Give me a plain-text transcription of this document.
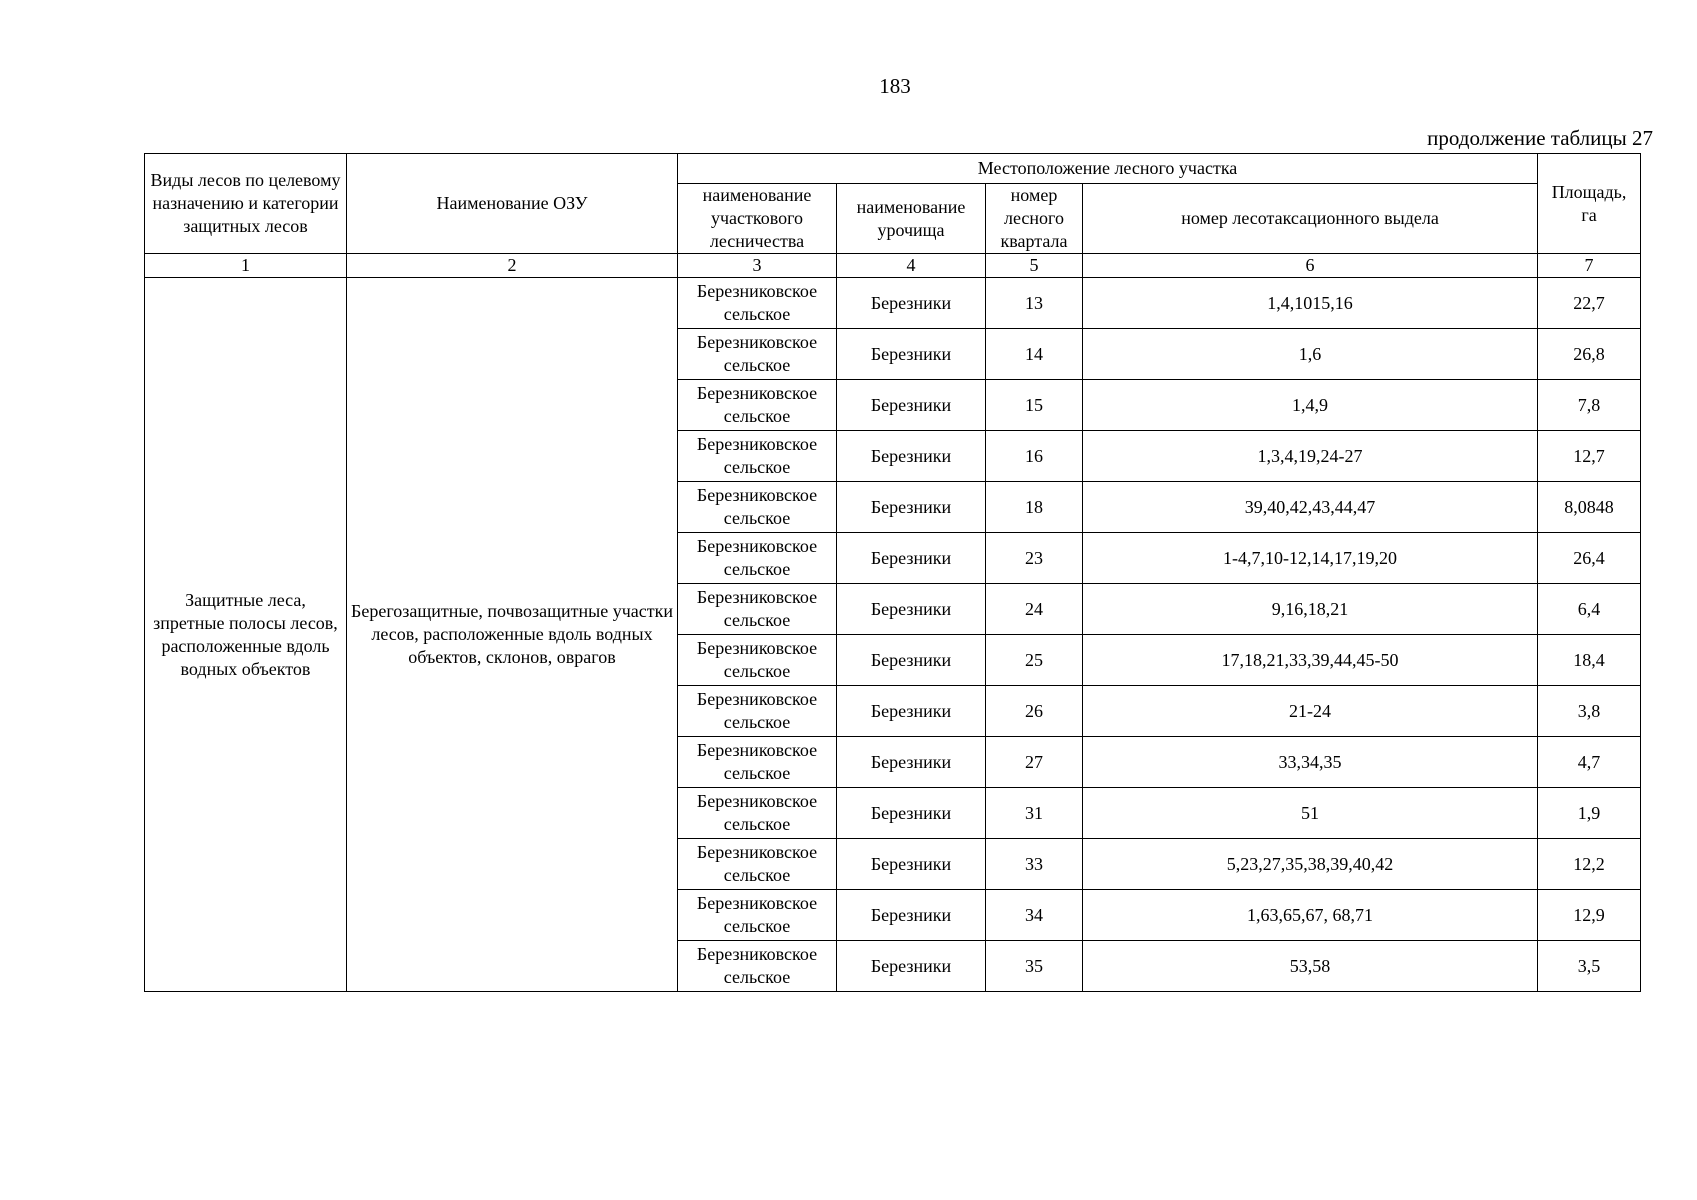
183
продолжение таблицы 27
Виды лесов по целевому назначению и категории защитных лесов	Наименование ОЗУ	Местоположение лесного участка				Площадь, га
		наименование участкового лесничества	наименование урочища	номер лесного квартала	номер лесотаксационного выдела	
1	2	3	4	5	6	7
Защитные леса, зпретные полосы лесов, расположенные вдоль водных объектов	Берегозащитные, почвозащитные участки лесов, расположенные вдоль водных объектов, склонов, оврагов	Березниковское сельское	Березники	13	1,4,1015,16	22,7
		Березниковское сельское	Березники	14	1,6	26,8
		Березниковское сельское	Березники	15	1,4,9	7,8
		Березниковское сельское	Березники	16	1,3,4,19,24-27	12,7
		Березниковское сельское	Березники	18	39,40,42,43,44,47	8,0848
		Березниковское сельское	Березники	23	1-4,7,10-12,14,17,19,20	26,4
		Березниковское сельское	Березники	24	9,16,18,21	6,4
		Березниковское сельское	Березники	25	17,18,21,33,39,44,45-50	18,4
		Березниковское сельское	Березники	26	21-24	3,8
		Березниковское сельское	Березники	27	33,34,35	4,7
		Березниковское сельское	Березники	31	51	1,9
		Березниковское сельское	Березники	33	5,23,27,35,38,39,40,42	12,2
		Березниковское сельское	Березники	34	1,63,65,67, 68,71	12,9
		Березниковское сельское	Березники	35	53,58	3,5
